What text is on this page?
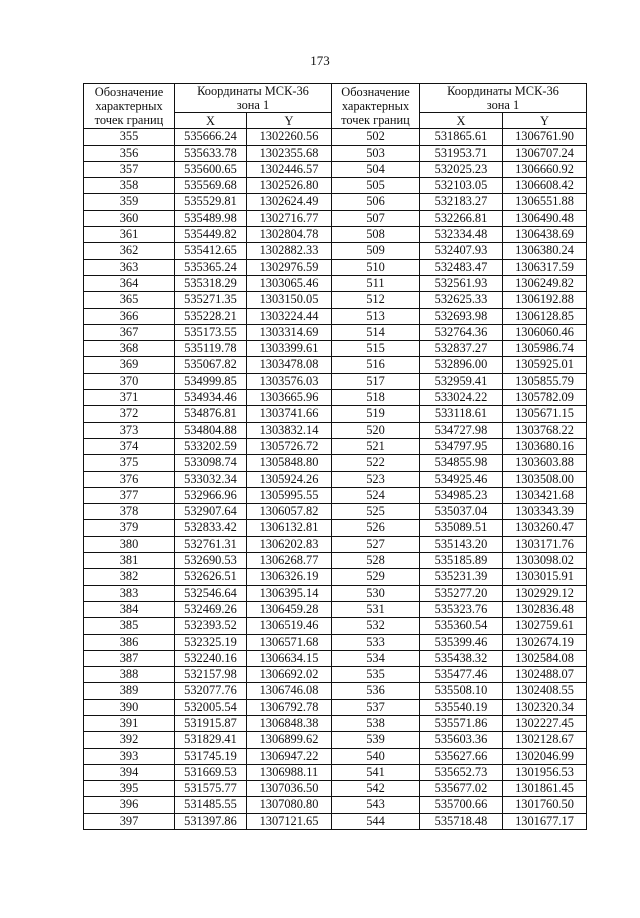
173
Обозначение
характерных
точек границ	Координаты МСК-36
зона 1		Обозначение
характерных
точек границ	Координаты МСК-36
зона 1	
	X	Y		X	Y
355	535666.24	1302260.56	502	531865.61	1306761.90
356	535633.78	1302355.68	503	531953.71	1306707.24
357	535600.65	1302446.57	504	532025.23	1306660.92
358	535569.68	1302526.80	505	532103.05	1306608.42
359	535529.81	1302624.49	506	532183.27	1306551.88
360	535489.98	1302716.77	507	532266.81	1306490.48
361	535449.82	1302804.78	508	532334.48	1306438.69
362	535412.65	1302882.33	509	532407.93	1306380.24
363	535365.24	1302976.59	510	532483.47	1306317.59
364	535318.29	1303065.46	511	532561.93	1306249.82
365	535271.35	1303150.05	512	532625.33	1306192.88
366	535228.21	1303224.44	513	532693.98	1306128.85
367	535173.55	1303314.69	514	532764.36	1306060.46
368	535119.78	1303399.61	515	532837.27	1305986.74
369	535067.82	1303478.08	516	532896.00	1305925.01
370	534999.85	1303576.03	517	532959.41	1305855.79
371	534934.46	1303665.96	518	533024.22	1305782.09
372	534876.81	1303741.66	519	533118.61	1305671.15
373	534804.88	1303832.14	520	534727.98	1303768.22
374	533202.59	1305726.72	521	534797.95	1303680.16
375	533098.74	1305848.80	522	534855.98	1303603.88
376	533032.34	1305924.26	523	534925.46	1303508.00
377	532966.96	1305995.55	524	534985.23	1303421.68
378	532907.64	1306057.82	525	535037.04	1303343.39
379	532833.42	1306132.81	526	535089.51	1303260.47
380	532761.31	1306202.83	527	535143.20	1303171.76
381	532690.53	1306268.77	528	535185.89	1303098.02
382	532626.51	1306326.19	529	535231.39	1303015.91
383	532546.64	1306395.14	530	535277.20	1302929.12
384	532469.26	1306459.28	531	535323.76	1302836.48
385	532393.52	1306519.46	532	535360.54	1302759.61
386	532325.19	1306571.68	533	535399.46	1302674.19
387	532240.16	1306634.15	534	535438.32	1302584.08
388	532157.98	1306692.02	535	535477.46	1302488.07
389	532077.76	1306746.08	536	535508.10	1302408.55
390	532005.54	1306792.78	537	535540.19	1302320.34
391	531915.87	1306848.38	538	535571.86	1302227.45
392	531829.41	1306899.62	539	535603.36	1302128.67
393	531745.19	1306947.22	540	535627.66	1302046.99
394	531669.53	1306988.11	541	535652.73	1301956.53
395	531575.77	1307036.50	542	535677.02	1301861.45
396	531485.55	1307080.80	543	535700.66	1301760.50
397	531397.86	1307121.65	544	535718.48	1301677.17
